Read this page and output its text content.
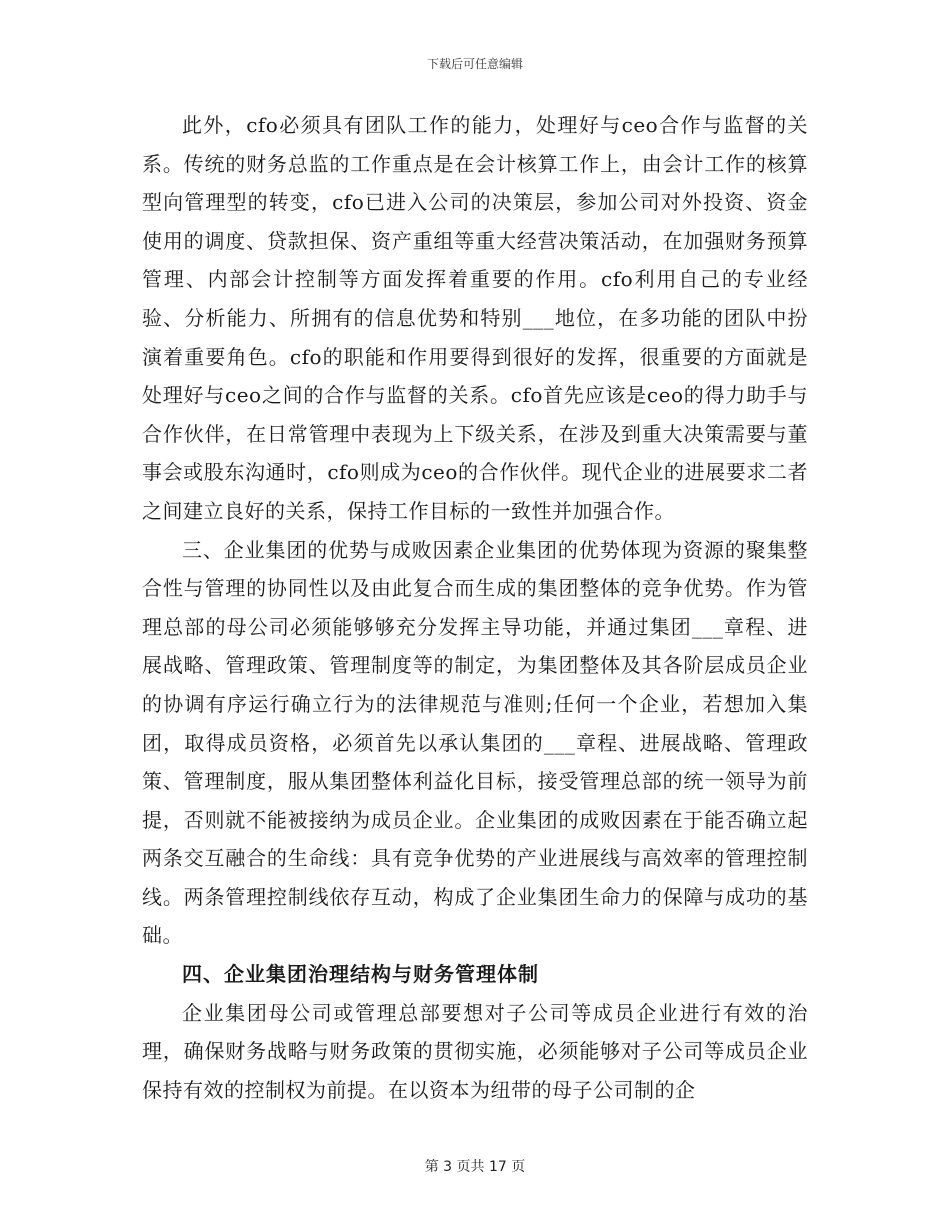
下载后可任意编辑

此外，cfo必须具有团队工作的能力，处理好与ceo合作与监督的关系。传统的财务总监的工作重点是在会计核算工作上，由会计工作的核算型向管理型的转变，cfo已进入公司的决策层，参加公司对外投资、资金使用的调度、贷款担保、资产重组等重大经营决策活动，在加强财务预算管理、内部会计控制等方面发挥着重要的作用。cfo利用自己的专业经验、分析能力、所拥有的信息优势和特别___地位，在多功能的团队中扮演着重要角色。cfo的职能和作用要得到很好的发挥，很重要的方面就是处理好与ceo之间的合作与监督的关系。cfo首先应该是ceo的得力助手与合作伙伴，在日常管理中表现为上下级关系，在涉及到重大决策需要与董事会或股东沟通时，cfo则成为ceo的合作伙伴。现代企业的进展要求二者之间建立良好的关系，保持工作目标的一致性并加强合作。

三、企业集团的优势与成败因素企业集团的优势体现为资源的聚集整合性与管理的协同性以及由此复合而生成的集团整体的竞争优势。作为管理总部的母公司必须能够够充分发挥主导功能，并通过集团___章程、进展战略、管理政策、管理制度等的制定，为集团整体及其各阶层成员企业的协调有序运行确立行为的法律规范与准则;任何一个企业，若想加入集团，取得成员资格，必须首先以承认集团的___章程、进展战略、管理政策、管理制度，服从集团整体利益化目标，接受管理总部的统一领导为前提，否则就不能被接纳为成员企业。企业集团的成败因素在于能否确立起两条交互融合的生命线：具有竞争优势的产业进展线与高效率的管理控制线。两条管理控制线依存互动，构成了企业集团生命力的保障与成功的基础。

四、企业集团治理结构与财务管理体制

企业集团母公司或管理总部要想对子公司等成员企业进行有效的治理，确保财务战略与财务政策的贯彻实施，必须能够对子公司等成员企业保持有效的控制权为前提。在以资本为纽带的母子公司制的企

第 3 页共 17 页
